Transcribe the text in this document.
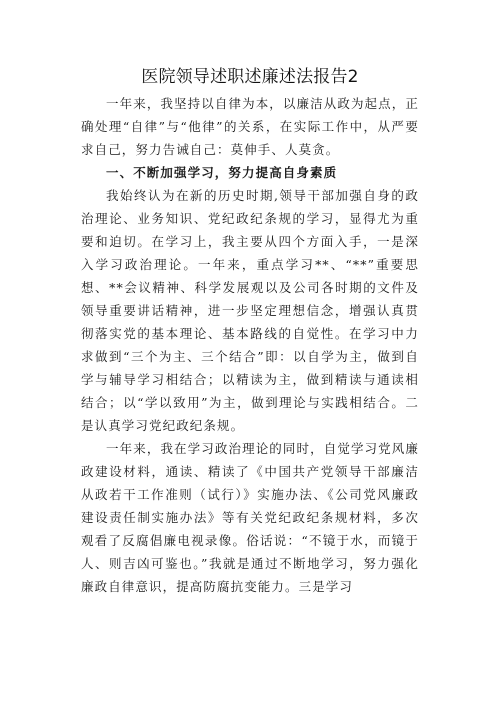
医院领导述职述廉述法报告2

一年来，我坚持以自律为本，以廉洁从政为起点，正确处理“自律”与“他律”的关系，在实际工作中，从严要求自己，努力告诫自己：莫伸手、人莫贪。

一、不断加强学习，努力提高自身素质

我始终认为在新的历史时期,领导干部加强自身的政治理论、业务知识、党纪政纪条规的学习，显得尤为重要和迫切。在学习上，我主要从四个方面入手，一是深入学习政治理论。一年来，重点学习**、“**”重要思想、**会议精神、科学发展观以及公司各时期的文件及领导重要讲话精神，进一步坚定理想信念，增强认真贯彻落实党的基本理论、基本路线的自觉性。在学习中力求做到“三个为主、三个结合”即：以自学为主，做到自学与辅导学习相结合；以精读为主，做到精读与通读相结合；以“学以致用”为主，做到理论与实践相结合。二是认真学习党纪政纪条规。

一年来，我在学习政治理论的同时，自觉学习党风廉政建设材料，通读、精读了《中国共产党领导干部廉洁从政若干工作准则（试行）》实施办法、《公司党风廉政建设责任制实施办法》等有关党纪政纪条规材料，多次观看了反腐倡廉电视录像。俗话说：“不镜于水，而镜于人、则吉凶可鉴也。”我就是通过不断地学习，努力强化廉政自律意识，提高防腐抗变能力。三是学习
